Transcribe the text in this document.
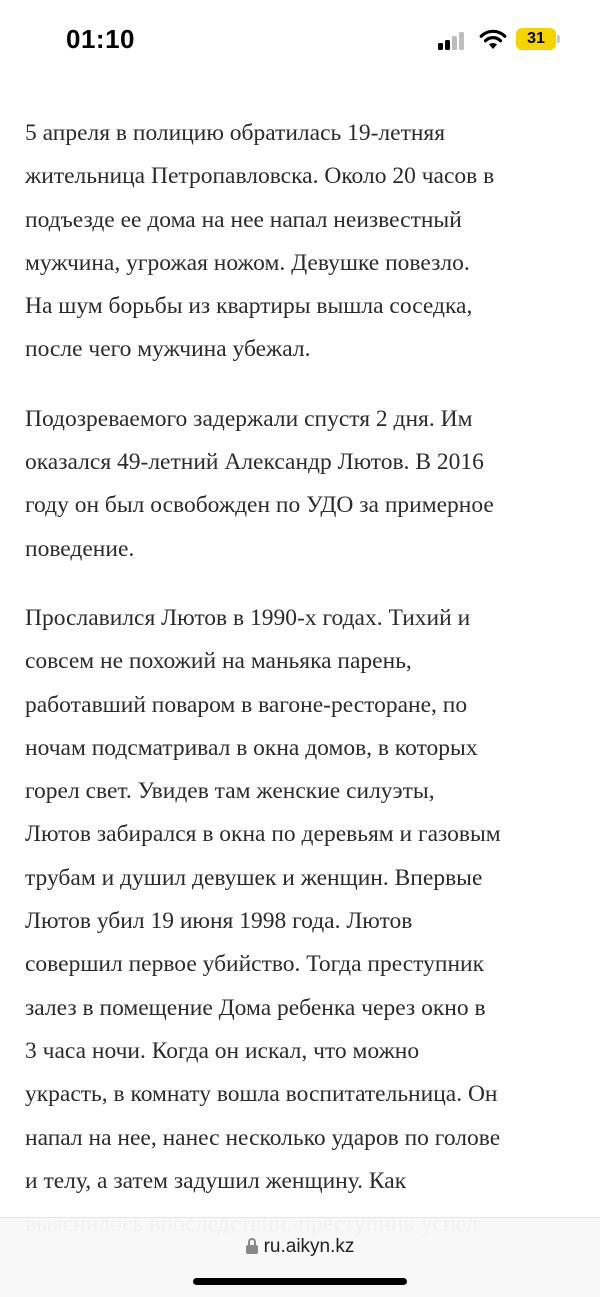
01:10	31

5 апреля в полицию обратилась 19-летняя
жительница Петропавловска. Около 20 часов в
подъезде ее дома на нее напал неизвестный
мужчина, угрожая ножом. Девушке повезло.
На шум борьбы из квартиры вышла соседка,
после чего мужчина убежал.

Подозреваемого задержали спустя 2 дня. Им
оказался 49-летний Александр Лютов. В 2016
году он был освобожден по УДО за примерное
поведение.

Прославился Лютов в 1990-х годах. Тихий и
совсем не похожий на маньяка парень,
работавший поваром в вагоне-ресторане, по
ночам подсматривал в окна домов, в которых
горел свет. Увидев там женские силуэты,
Лютов забирался в окна по деревьям и газовым
трубам и душил девушек и женщин. Впервые
Лютов убил 19 июня 1998 года. Лютов
совершил первое убийство. Тогда преступник
залез в помещение Дома ребенка через окно в
3 часа ночи. Когда он искал, что можно
украсть, в комнату вошла воспитательница. Он
напал на нее, нанес несколько ударов по голове
и телу, а затем задушил женщину. Как

ru.aikyn.kz
